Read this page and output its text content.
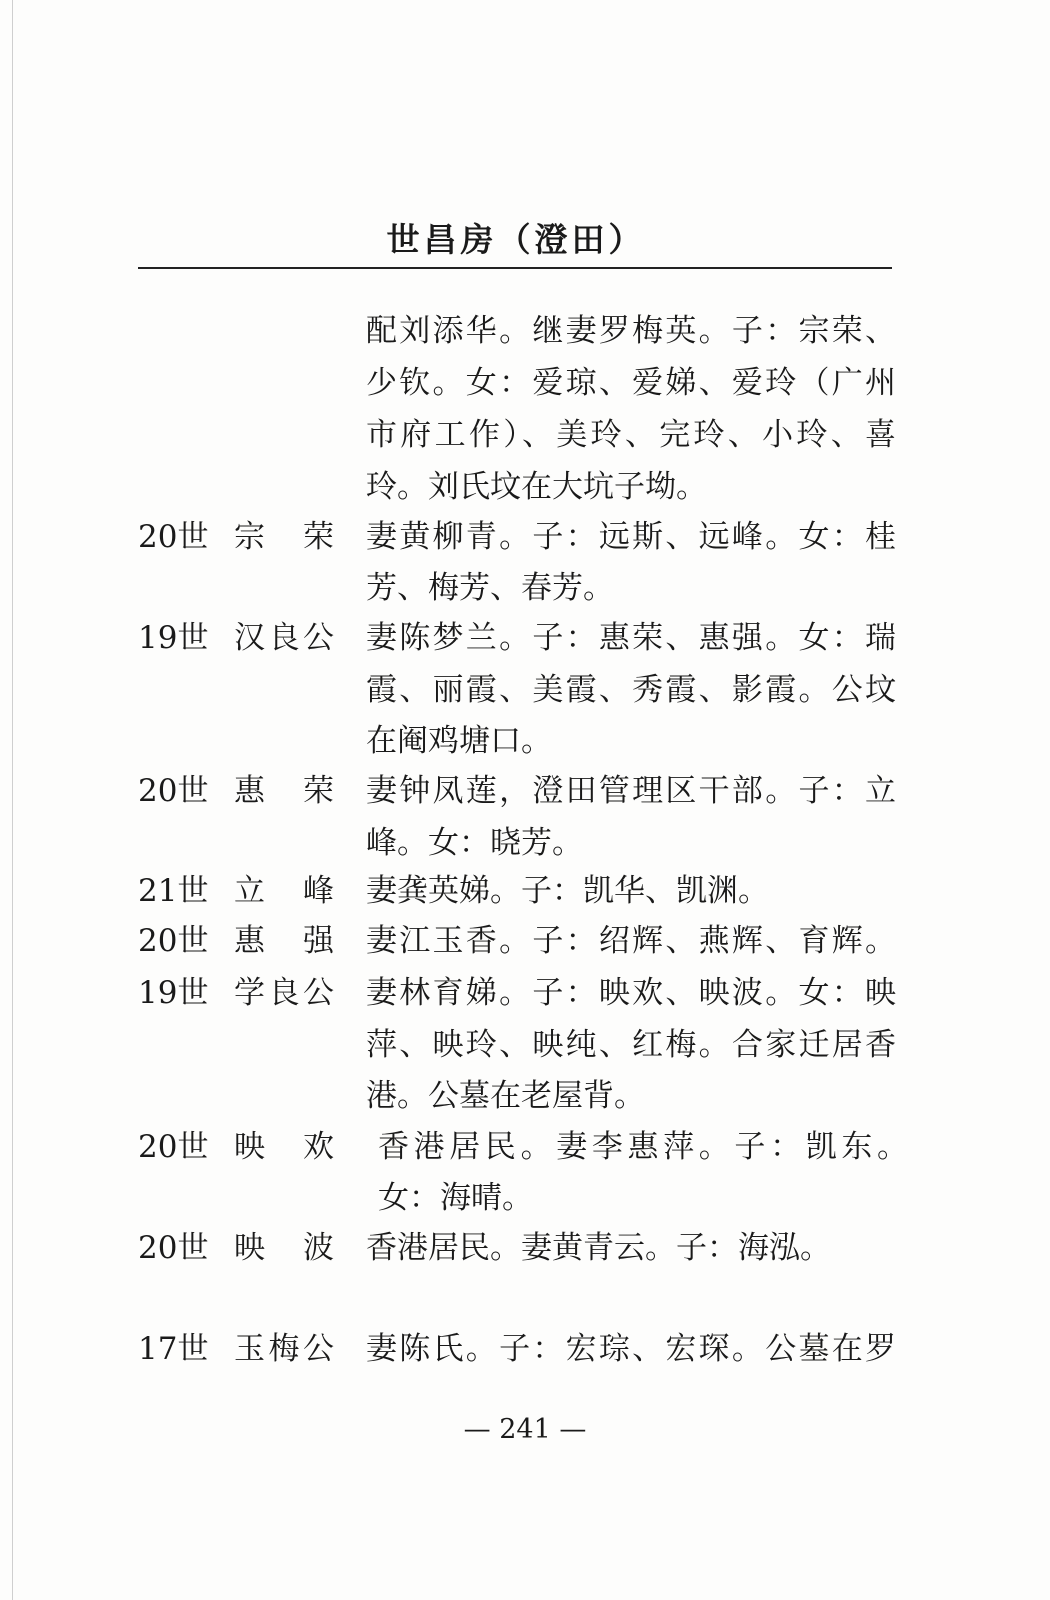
世昌房（澄田）
配刘添华。继妻罗梅英。子：宗荣、
少钦。女：爱琼、爱娣、爱玲（广州
市府工作）、美玲、完玲、小玲、喜
玲。刘氏坟在大坑子坳。
20世 宗荣 妻黄柳青。子：远斯、远峰。女：桂
芳、梅芳、春芳。
19世 汉良公 妻陈梦兰。子：惠荣、惠强。女：瑞
霞、丽霞、美霞、秀霞、影霞。公坟
在阉鸡塘口。
20世 惠荣 妻钟凤莲，澄田管理区干部。子：立
峰。女：晓芳。
21世 立峰 妻龚英娣。子：凯华、凯渊。
20世 惠强 妻江玉香。子：绍辉、燕辉、育辉。
19世 学良公 妻林育娣。子：映欢、映波。女：映
萍、映玲、映纯、红梅。合家迁居香
港。公墓在老屋背。
20世 映欢 香港居民。妻李惠萍。子：凯东。
女：海晴。
20世 映波 香港居民。妻黄青云。子：海泓。
17世 玉梅公 妻陈氏。子：宏琮、宏琛。公墓在罗
— 241 —
